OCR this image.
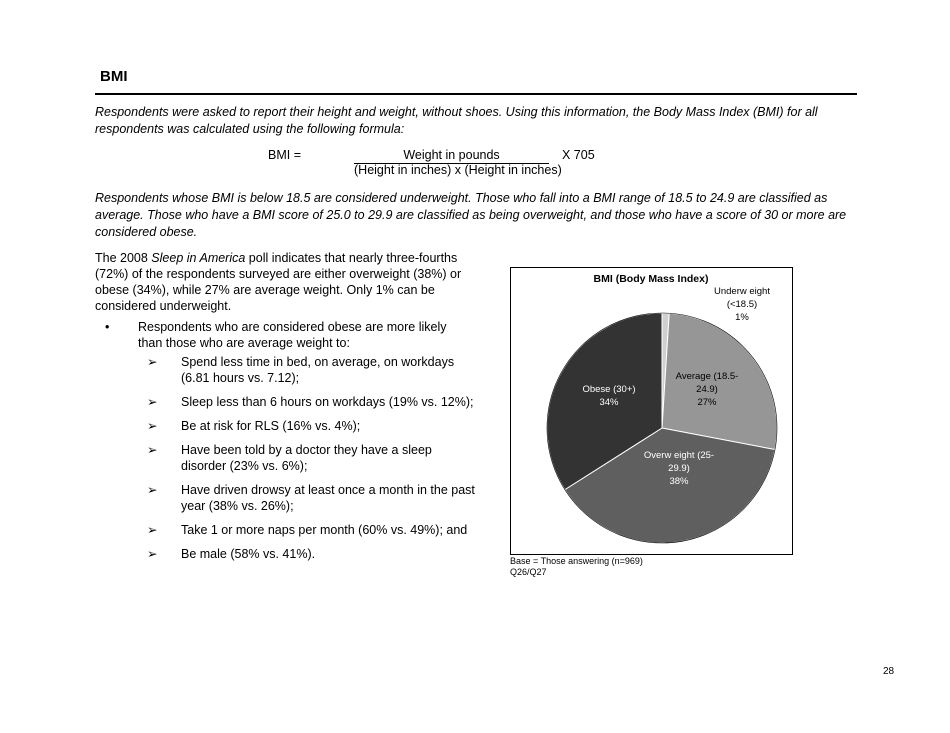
BMI
Respondents were asked to report their height and weight, without shoes. Using this information, the Body Mass Index (BMI) for all respondents was calculated using the following formula:
BMI =	Weight in pounds	X 705
(Height in inches) x (Height in inches)
Respondents whose BMI is below 18.5 are considered underweight. Those who fall into a BMI range of 18.5 to 24.9 are classified as average. Those who have a BMI score of 25.0 to 29.9 are classified as being overweight, and those who have a score of 30 or more are considered obese.
The 2008 Sleep in America poll indicates that nearly three-fourths (72%) of the respondents surveyed are either overweight (38%) or obese (34%), while 27% are average weight. Only 1% can be considered underweight.
• Respondents who are considered obese are more likely than those who are average weight to:
➢ Spend less time in bed, on average, on workdays (6.81 hours vs. 7.12);
➢ Sleep less than 6 hours on workdays (19% vs. 12%);
➢ Be at risk for RLS (16% vs. 4%);
➢ Have been told by a doctor they have a sleep disorder (23% vs. 6%);
➢ Have driven drowsy at least once a month in the past year (38% vs. 26%);
➢ Take 1 or more naps per month (60% vs. 49%); and
➢ Be male (58% vs. 41%).
BMI (Body Mass Index)
Underw eight (<18.5) 1%
Average (18.5-24.9) 27%
Overw eight (25-29.9) 38%
Obese (30+) 34%
Base = Those answering (n=969)
Q26/Q27
28
